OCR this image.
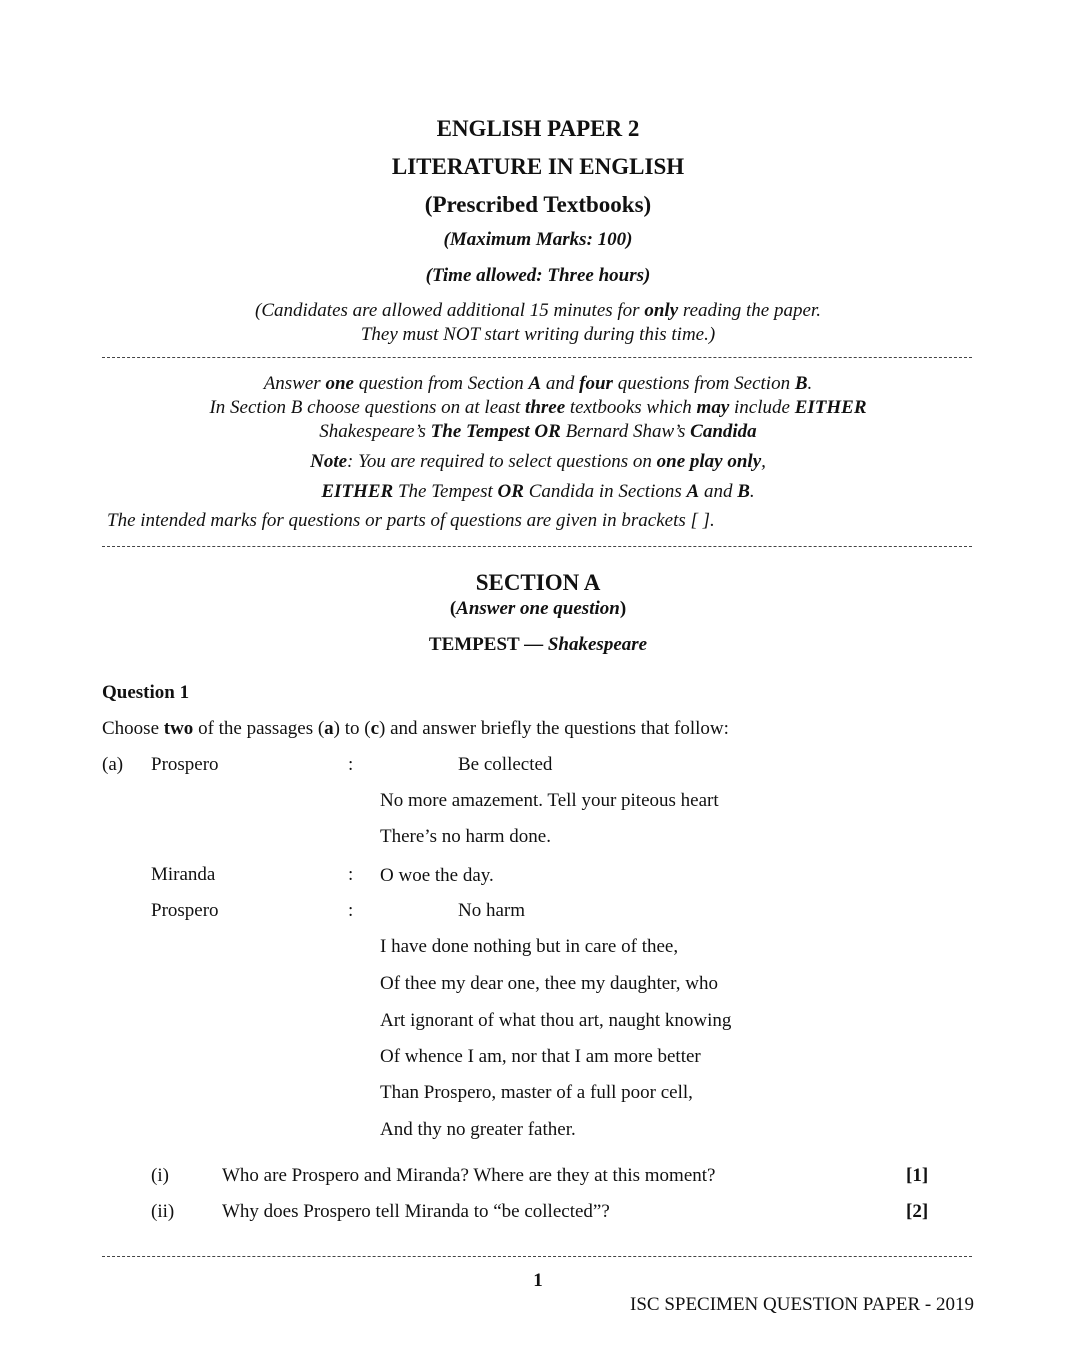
ENGLISH PAPER 2
LITERATURE IN ENGLISH
(Prescribed Textbooks)
(Maximum Marks: 100)
(Time allowed: Three hours)
(Candidates are allowed additional 15 minutes for only reading the paper.
They must NOT start writing during this time.)
Answer one question from Section A and four questions from Section B.
In Section B choose questions on at least three textbooks which may include EITHER
Shakespeare’s The Tempest OR Bernard Shaw’s Candida
Note: You are required to select questions on one play only,
EITHER The Tempest OR Candida in Sections A and B.
The intended marks for questions or parts of questions are given in brackets [ ].
SECTION A
(Answer one question)
TEMPEST — Shakespeare
Question 1
Choose two of the passages (a) to (c) and answer briefly the questions that follow:
(a) Prospero	:	Be collected
No more amazement. Tell your piteous heart
There’s no harm done.
Miranda	: O woe the day.
Prospero	:	No harm
I have done nothing but in care of thee,
Of thee my dear one, thee my daughter, who
Art ignorant of what thou art, naught knowing
Of whence I am, nor that I am more better
Than Prospero, master of a full poor cell,
And thy no greater father.
(i)	Who are Prospero and Miranda? Where are they at this moment?	[1]
(ii)	Why does Prospero tell Miranda to “be collected”?	[2]
1
ISC SPECIMEN QUESTION PAPER - 2019
